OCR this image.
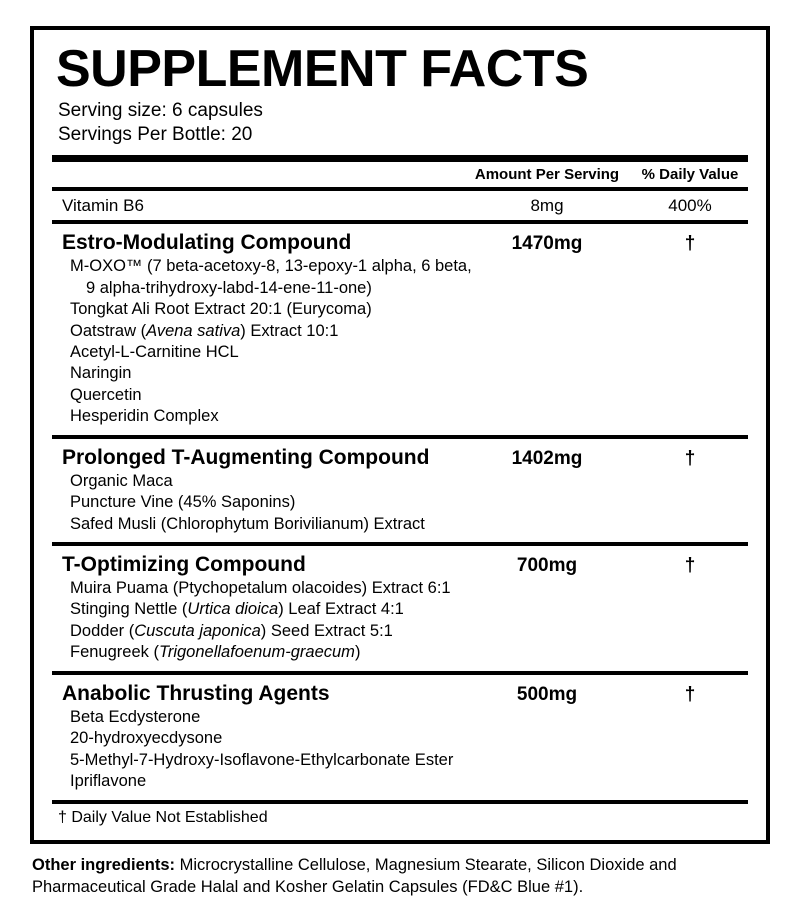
SUPPLEMENT FACTS
Serving size: 6 capsules
Servings Per Bottle: 20
Amount Per Serving	% Daily Value
Vitamin B6	8mg	400%
Estro-Modulating Compound	1470mg	†
M-OXO™ (7 beta-acetoxy-8, 13-epoxy-1 alpha, 6 beta,
9 alpha-trihydroxy-labd-14-ene-11-one)
Tongkat Ali Root Extract 20:1 (Eurycoma)
Oatstraw (Avena sativa) Extract 10:1
Acetyl-L-Carnitine HCL
Naringin
Quercetin
Hesperidin Complex
Prolonged T-Augmenting Compound	1402mg	†
Organic Maca
Puncture Vine (45% Saponins)
Safed Musli (Chlorophytum Borivilianum) Extract
T-Optimizing Compound	700mg	†
Muira Puama (Ptychopetalum olacoides) Extract 6:1
Stinging Nettle (Urtica dioica) Leaf Extract 4:1
Dodder (Cuscuta japonica) Seed Extract 5:1
Fenugreek (Trigonellafoenum-graecum)
Anabolic Thrusting Agents	500mg	†
Beta Ecdysterone
20-hydroxyecdysone
5-Methyl-7-Hydroxy-Isoflavone-Ethylcarbonate Ester
Ipriflavone
† Daily Value Not Established
Other ingredients: Microcrystalline Cellulose, Magnesium Stearate, Silicon Dioxide and Pharmaceutical Grade Halal and Kosher Gelatin Capsules (FD&C Blue #1).
